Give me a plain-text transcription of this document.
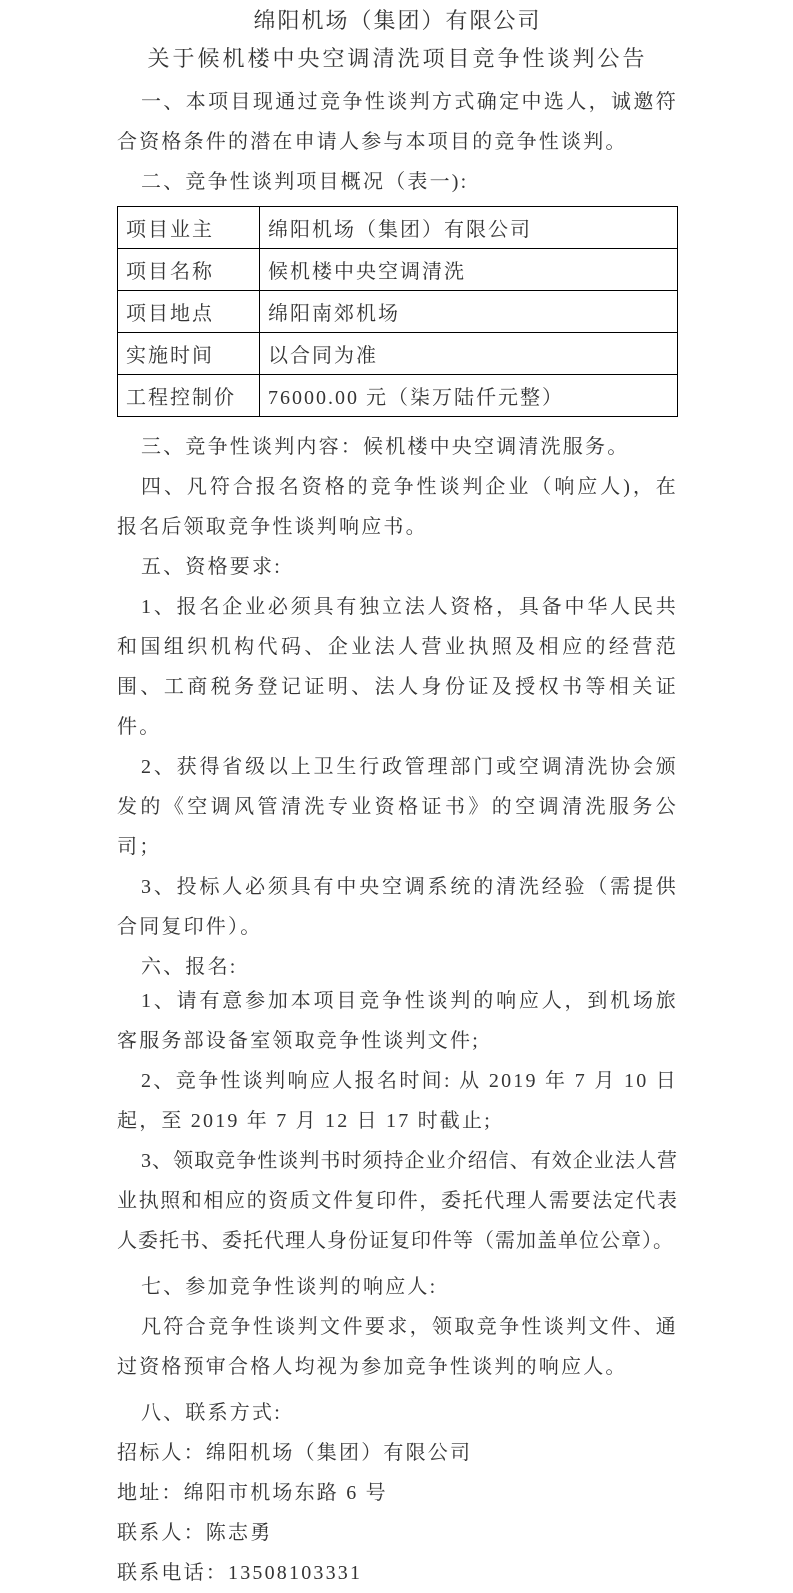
绵阳机场（集团）有限公司
关于候机楼中央空调清洗项目竞争性谈判公告

一、本项目现通过竞争性谈判方式确定中选人，诚邀符合资格条件的潜在申请人参与本项目的竞争性谈判。

二、竞争性谈判项目概况（表一):

项目业主	绵阳机场（集团）有限公司
项目名称	候机楼中央空调清洗
项目地点	绵阳南郊机场
实施时间	以合同为准
工程控制价	76000.00 元（柒万陆仟元整）

三、竞争性谈判内容：候机楼中央空调清洗服务。

四、凡符合报名资格的竞争性谈判企业（响应人)，在报名后领取竞争性谈判响应书。

五、资格要求:

1、报名企业必须具有独立法人资格，具备中华人民共和国组织机构代码、企业法人营业执照及相应的经营范围、工商税务登记证明、法人身份证及授权书等相关证件。

2、获得省级以上卫生行政管理部门或空调清洗协会颁发的《空调风管清洗专业资格证书》的空调清洗服务公司；

3、投标人必须具有中央空调系统的清洗经验（需提供合同复印件）。

六、报名:

1、请有意参加本项目竞争性谈判的响应人，到机场旅客服务部设备室领取竞争性谈判文件;

2、竞争性谈判响应人报名时间: 从 2019 年 7 月 10 日起，至 2019 年 7 月 12 日 17 时截止;

3、领取竞争性谈判书时须持企业介绍信、有效企业法人营业执照和相应的资质文件复印件，委托代理人需要法定代表人委托书、委托代理人身份证复印件等（需加盖单位公章）。

七、参加竞争性谈判的响应人:

凡符合竞争性谈判文件要求，领取竞争性谈判文件、通过资格预审合格人均视为参加竞争性谈判的响应人。

八、联系方式:

招标人：绵阳机场（集团）有限公司

地址：绵阳市机场东路 6 号

联系人：陈志勇

联系电话：13508103331
